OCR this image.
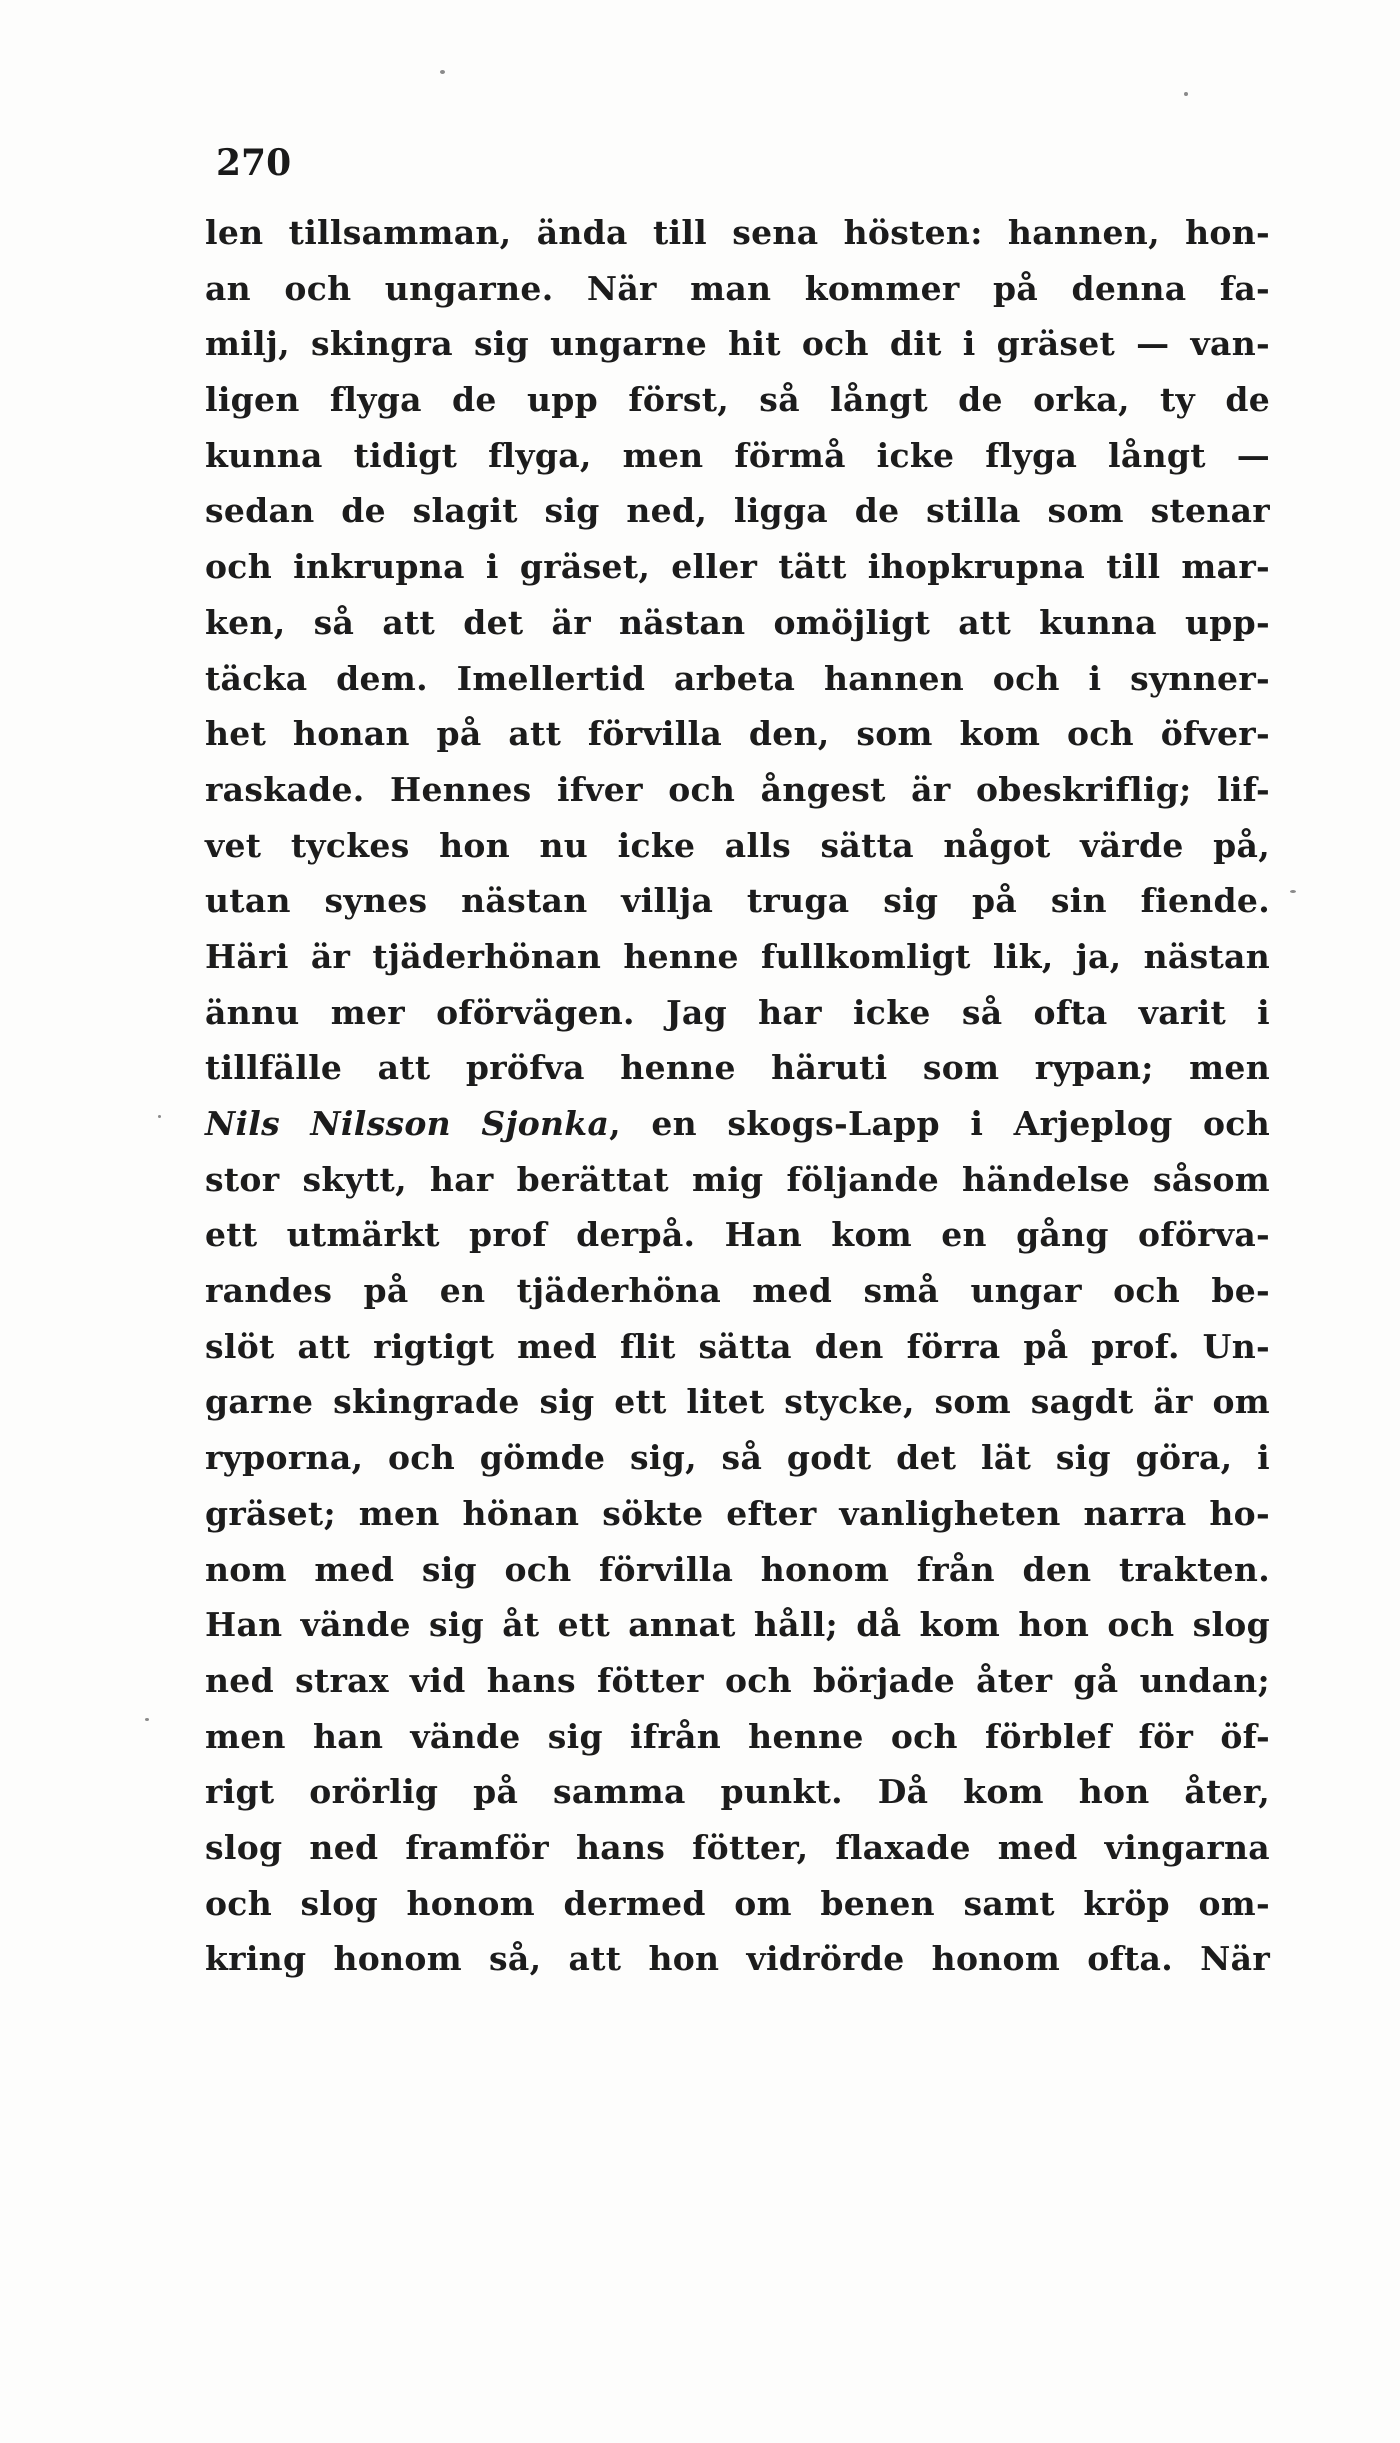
270
len tillsamman, ända till sena hösten: hannen, hon-
an och ungarne. När man kommer på denna fa-
milj, skingra sig ungarne hit och dit i gräset — van-
ligen flyga de upp först, så långt de orka, ty de
kunna tidigt flyga, men förmå icke flyga långt —
sedan de slagit sig ned, ligga de stilla som stenar
och inkrupna i gräset, eller tätt ihopkrupna till mar-
ken, så att det är nästan omöjligt att kunna upp-
täcka dem. Imellertid arbeta hannen och i synner-
het honan på att förvilla den, som kom och öfver-
raskade. Hennes ifver och ångest är obeskriflig; lif-
vet tyckes hon nu icke alls sätta något värde på,
utan synes nästan villja truga sig på sin fiende.
Häri är tjäderhönan henne fullkomligt lik, ja, nästan
ännu mer oförvägen. Jag har icke så ofta varit i
tillfälle att pröfva henne häruti som rypan; men
Nils Nilsson Sjonka, en skogs-Lapp i Arjeplog och
stor skytt, har berättat mig följande händelse såsom
ett utmärkt prof derpå. Han kom en gång oförva-
randes på en tjäderhöna med små ungar och be-
slöt att rigtigt med flit sätta den förra på prof. Un-
garne skingrade sig ett litet stycke, som sagdt är om
ryporna, och gömde sig, så godt det lät sig göra, i
gräset; men hönan sökte efter vanligheten narra ho-
nom med sig och förvilla honom från den trakten.
Han vände sig åt ett annat håll; då kom hon och slog
ned strax vid hans fötter och började åter gå undan;
men han vände sig ifrån henne och förblef för öf-
rigt orörlig på samma punkt. Då kom hon åter,
slog ned framför hans fötter, flaxade med vingarna
och slog honom dermed om benen samt kröp om-
kring honom så, att hon vidrörde honom ofta. När
